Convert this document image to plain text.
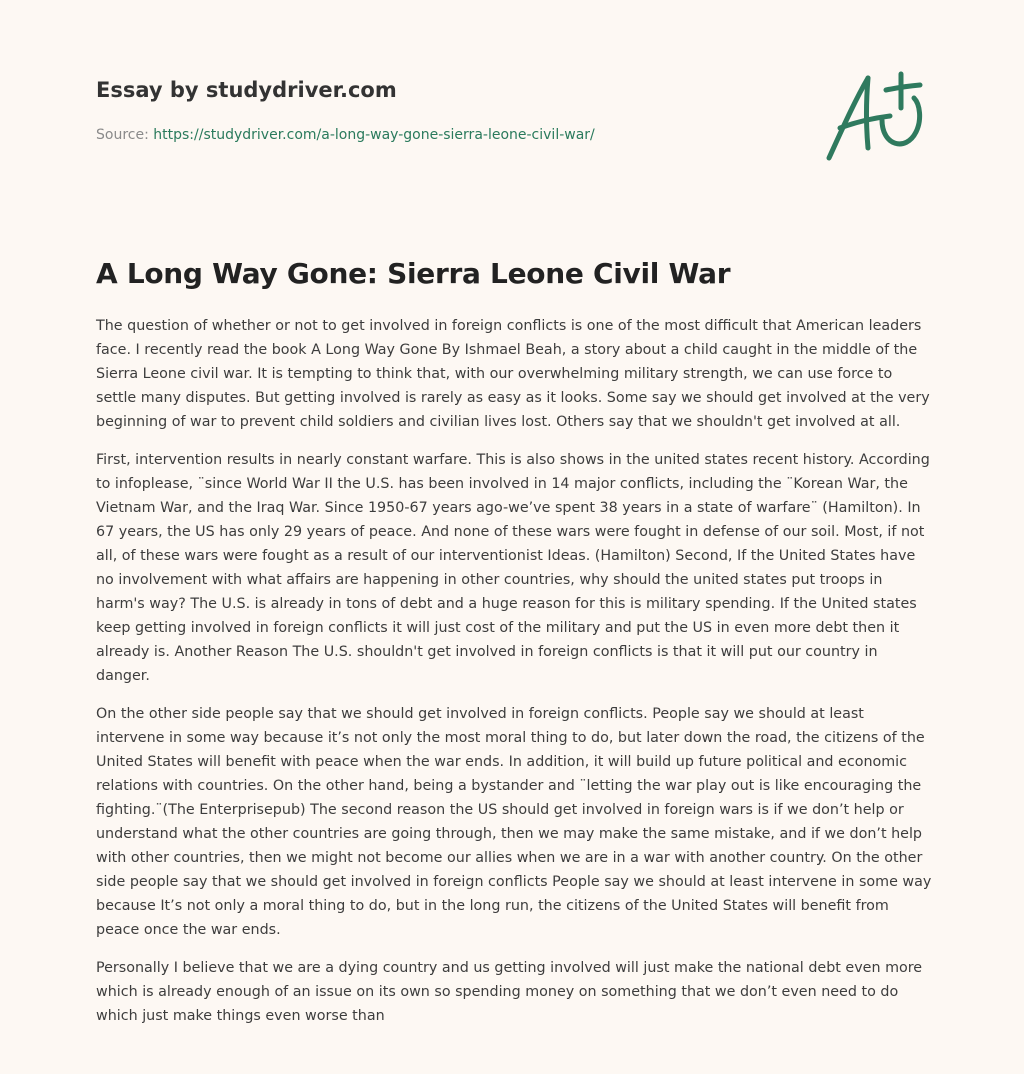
Essay by studydriver.com

Source: https://studydriver.com/a-long-way-gone-sierra-leone-civil-war/
A Long Way Gone: Sierra Leone Civil War

The question of whether or not to get involved in foreign conflicts is one of the most difficult that American leaders face. I recently read the book A Long Way Gone By Ishmael Beah, a story about a child caught in the middle of the Sierra Leone civil war. It is tempting to think that, with our overwhelming military strength, we can use force to settle many disputes. But getting involved is rarely as easy as it looks. Some say we should get involved at the very beginning of war to prevent child soldiers and civilian lives lost. Others say that we shouldn't get involved at all.

First, intervention results in nearly constant warfare. This is also shows in the united states recent history. According to infoplease, ¨since World War II the U.S. has been involved in 14 major conflicts, including the ¨Korean War, the Vietnam War, and the Iraq War. Since 1950-67 years ago-we’ve spent 38 years in a state of warfare¨ (Hamilton). In 67 years, the US has only 29 years of peace. And none of these wars were fought in defense of our soil. Most, if not all, of these wars were fought as a result of our interventionist Ideas. (Hamilton) Second, If the United States have no involvement with what affairs are happening in other countries, why should the united states put troops in harm's way? The U.S. is already in tons of debt and a huge reason for this is military spending. If the United states keep getting involved in foreign conflicts it will just cost of the military and put the US in even more debt then it already is. Another Reason The U.S. shouldn't get involved in foreign conflicts is that it will put our country in danger.

On the other side people say that we should get involved in foreign conflicts. People say we should at least intervene in some way because it’s not only the most moral thing to do, but later down the road, the citizens of the United States will benefit with peace when the war ends. In addition, it will build up future political and economic relations with countries. On the other hand, being a bystander and ¨letting the war play out is like encouraging the fighting.¨(The Enterprisepub) The second reason the US should get involved in foreign wars is if we don’t help or understand what the other countries are going through, then we may make the same mistake, and if we don’t help with other countries, then we might not become our allies when we are in a war with another country. On the other side people say that we should get involved in foreign conflicts People say we should at least intervene in some way because It’s not only a moral thing to do, but in the long run, the citizens of the United States will benefit from peace once the war ends.

Personally I believe that we are a dying country and us getting involved will just make the national debt even more which is already enough of an issue on its own so spending money on something that we don’t even need to do which just make things even worse than
